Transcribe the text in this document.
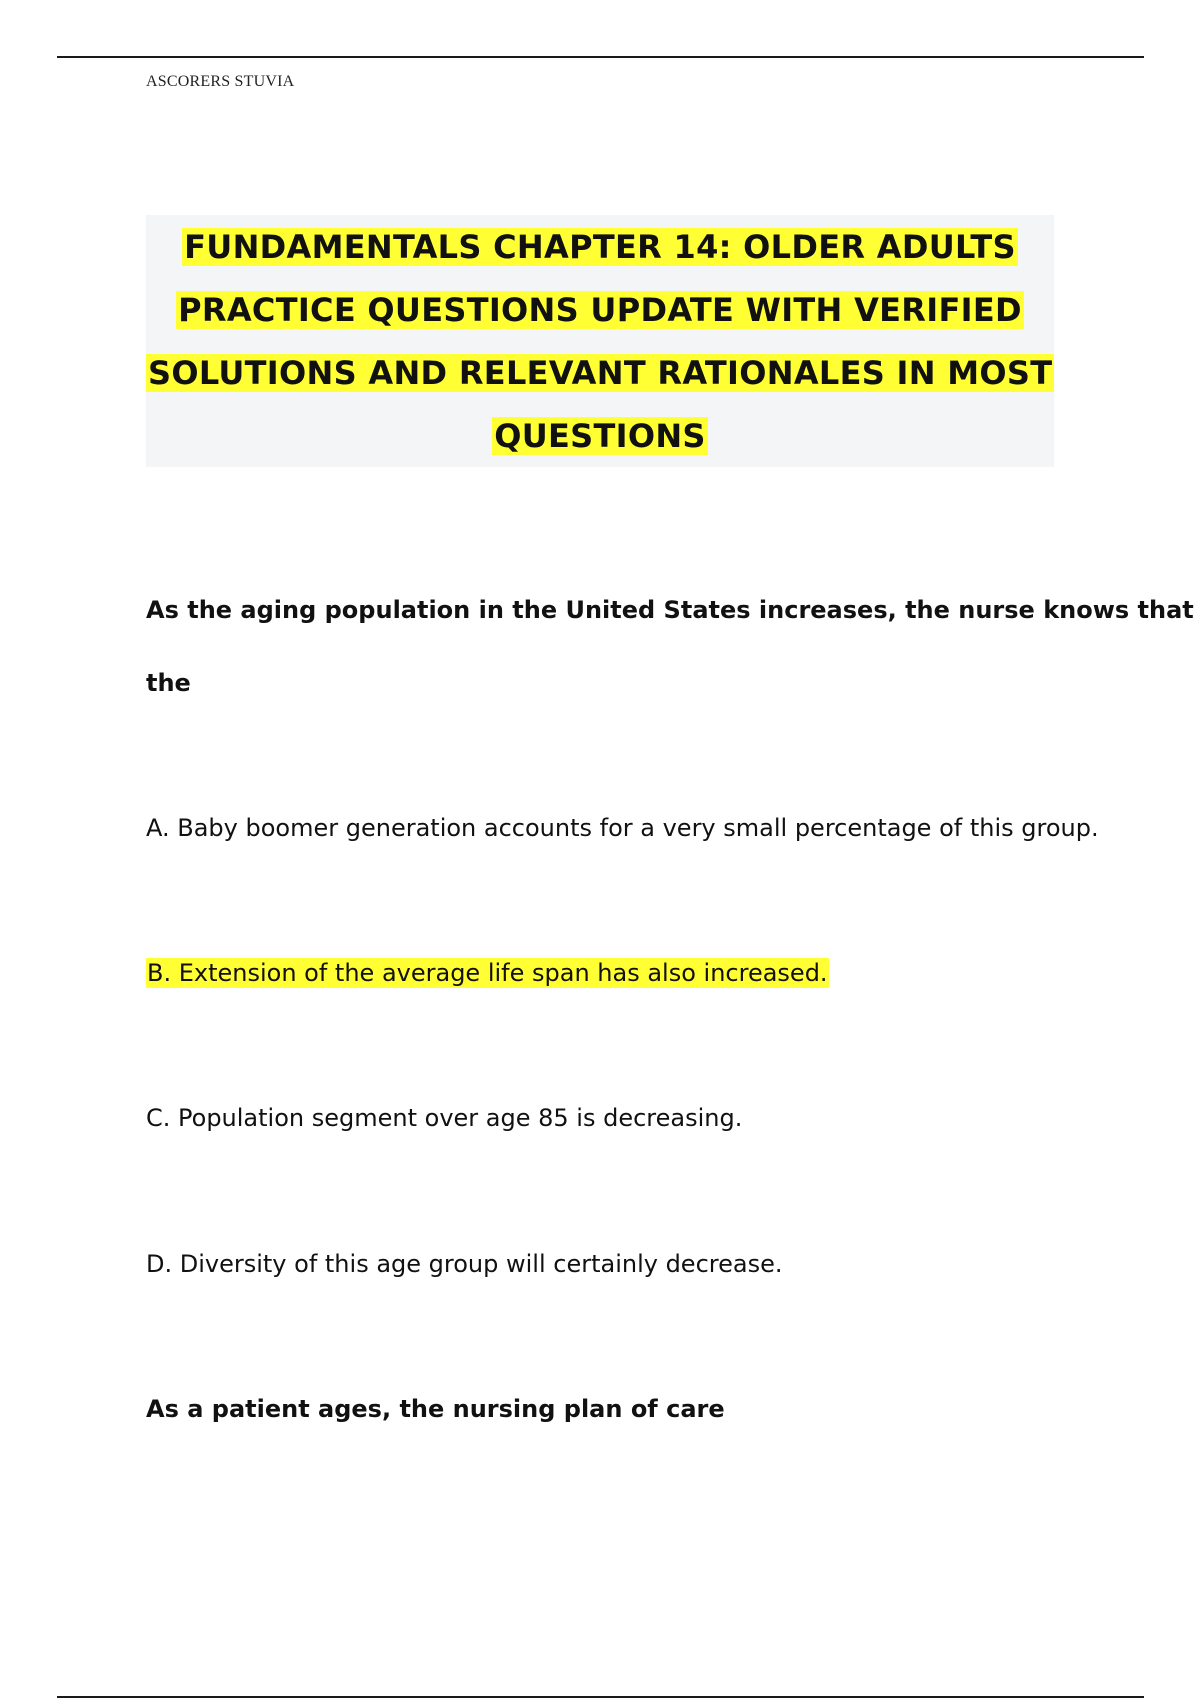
ASCORERS STUVIA
FUNDAMENTALS CHAPTER 14: OLDER ADULTS
PRACTICE QUESTIONS UPDATE WITH VERIFIED
SOLUTIONS AND RELEVANT RATIONALES IN MOST
QUESTIONS
As the aging population in the United States increases, the nurse knows that
the
A. Baby boomer generation accounts for a very small percentage of this group.
B. Extension of the average life span has also increased.
C. Population segment over age 85 is decreasing.
D. Diversity of this age group will certainly decrease.
As a patient ages, the nursing plan of care
